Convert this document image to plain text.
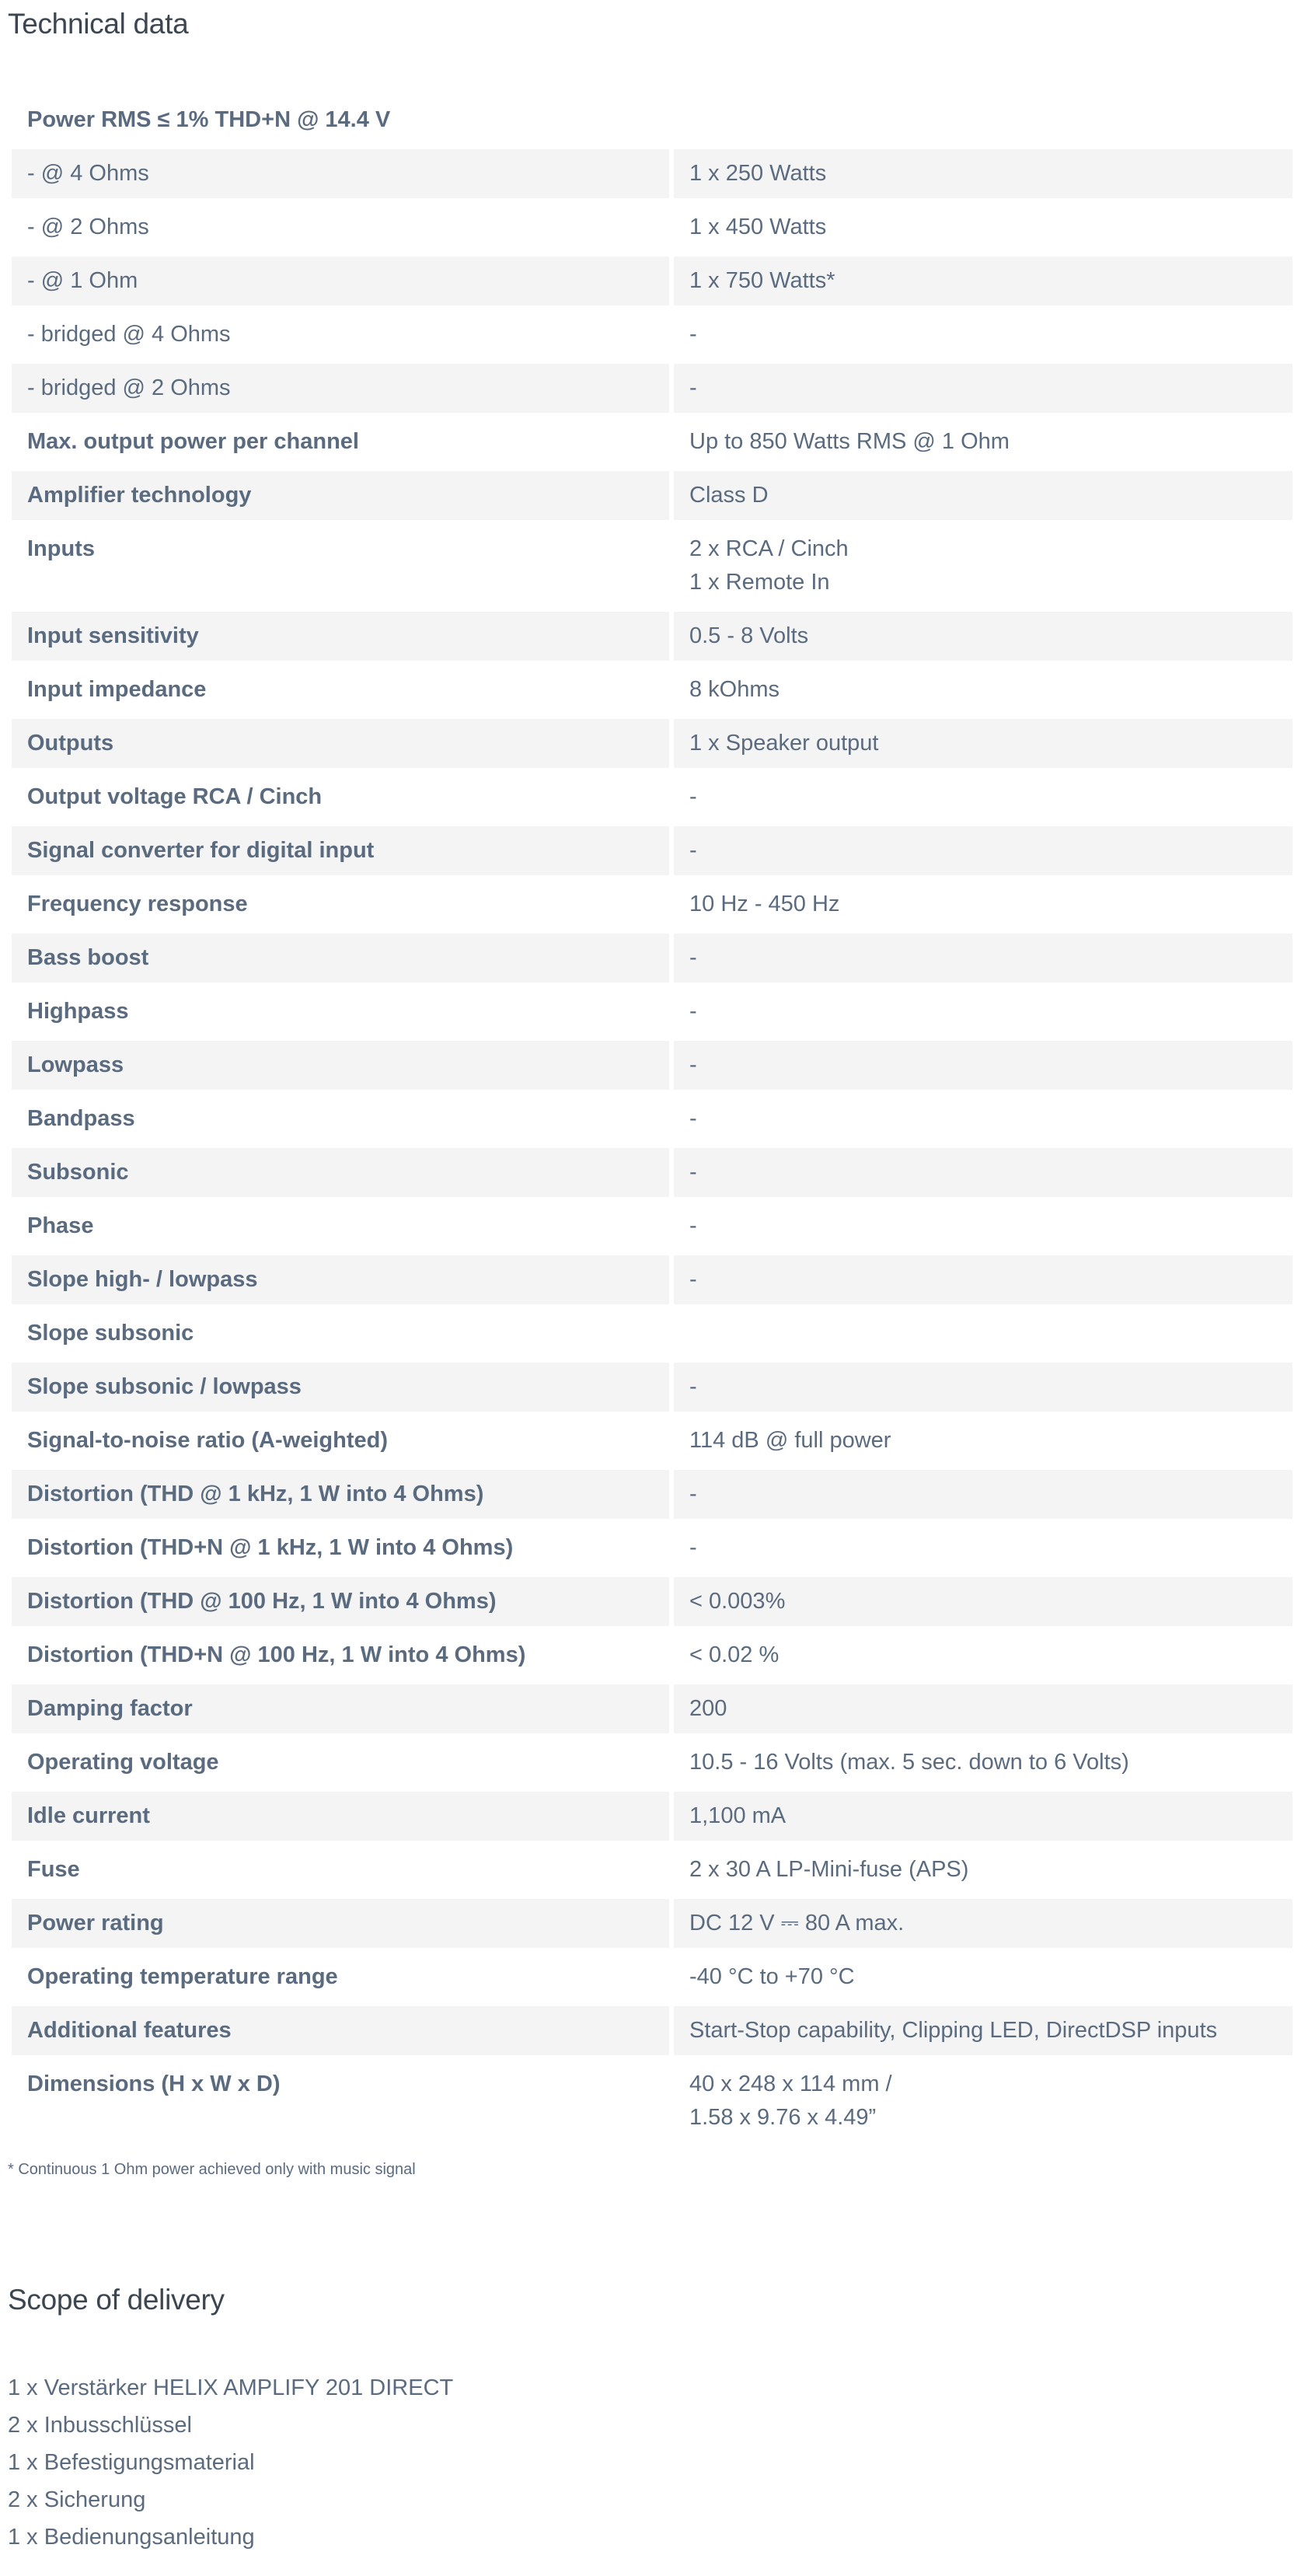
Technical data
Power RMS ≤ 1% THD+N @ 14.4 V	
- @ 4 Ohms	1 x 250 Watts
- @ 2 Ohms	1 x 450 Watts
- @ 1 Ohm	1 x 750 Watts*
- bridged @ 4 Ohms	-
- bridged @ 2 Ohms	-
Max. output power per channel	Up to 850 Watts RMS @ 1 Ohm
Amplifier technology	Class D
Inputs	2 x RCA / Cinch
1 x Remote In
Input sensitivity	0.5 - 8 Volts
Input impedance	8 kOhms
Outputs	1 x Speaker output
Output voltage RCA / Cinch	-
Signal converter for digital input	-
Frequency response	10 Hz - 450 Hz
Bass boost	-
Highpass	-
Lowpass	-
Bandpass	-
Subsonic	-
Phase	-
Slope high- / lowpass	-
Slope subsonic	
Slope subsonic / lowpass	-
Signal-to-noise ratio (A-weighted)	114 dB @ full power
Distortion (THD @ 1 kHz, 1 W into 4 Ohms)	-
Distortion (THD+N @ 1 kHz, 1 W into 4 Ohms)	-
Distortion (THD @ 100 Hz, 1 W into 4 Ohms)	< 0.003%
Distortion (THD+N @ 100 Hz, 1 W into 4 Ohms)	< 0.02 %
Damping factor	200
Operating voltage	10.5 - 16 Volts (max. 5 sec. down to 6 Volts)
Idle current	1,100 mA
Fuse	2 x 30 A LP-Mini-fuse (APS)
Power rating	DC 12 V ⎓ 80 A max.
Operating temperature range	-40 °C to +70 °C
Additional features	Start-Stop capability, Clipping LED, DirectDSP inputs
Dimensions (H x W x D)	40 x 248 x 114 mm /
1.58 x 9.76 x 4.49”
* Continuous 1 Ohm power achieved only with music signal
Scope of delivery
1 x Verstärker HELIX AMPLIFY 201 DIRECT
2 x Inbusschlüssel
1 x Befestigungsmaterial
2 x Sicherung
1 x Bedienungsanleitung
